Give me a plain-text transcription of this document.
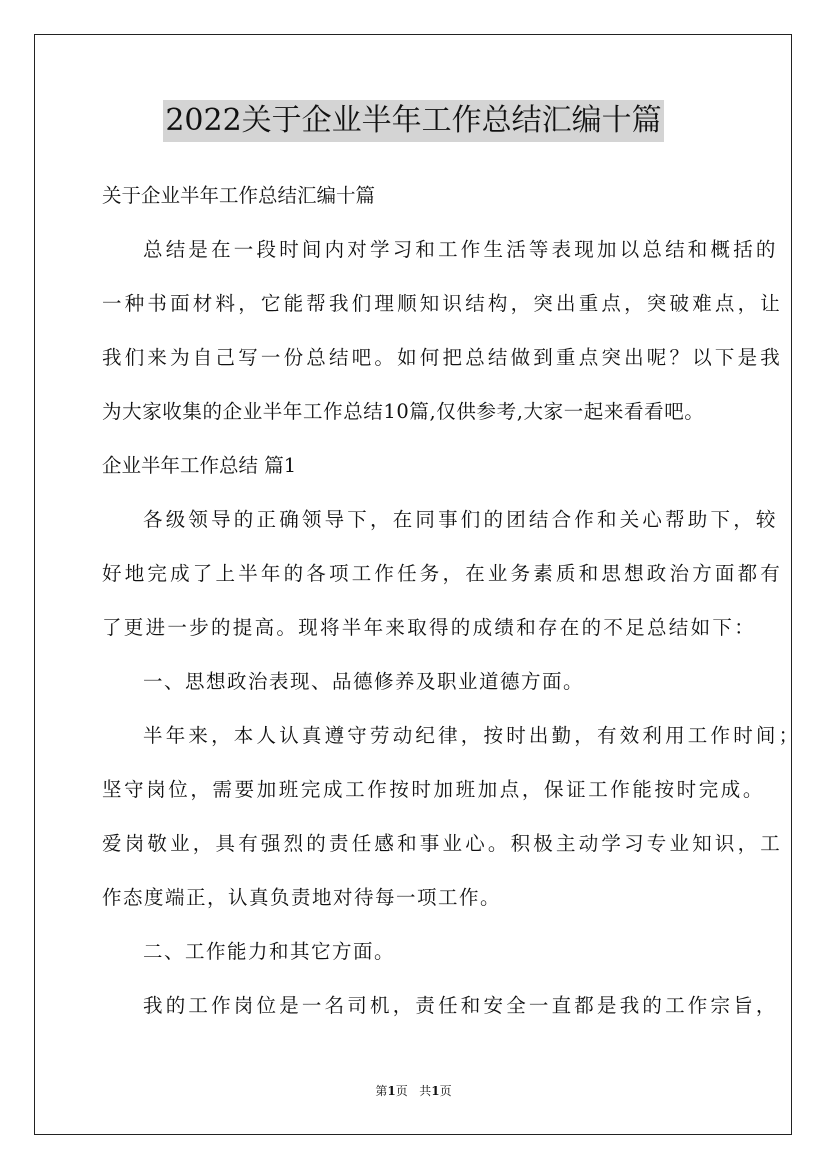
2022关于企业半年工作总结汇编十篇
关于企业半年工作总结汇编十篇
总结是在一段时间内对学习和工作生活等表现加以总结和概括的
一种书面材料，它能帮我们理顺知识结构，突出重点，突破难点，让
我们来为自己写一份总结吧。如何把总结做到重点突出呢？以下是我
为大家收集的企业半年工作总结10篇,仅供参考,大家一起来看看吧。
企业半年工作总结 篇1
各级领导的正确领导下，在同事们的团结合作和关心帮助下，较
好地完成了上半年的各项工作任务，在业务素质和思想政治方面都有
了更进一步的提高。现将半年来取得的成绩和存在的不足总结如下：
一、思想政治表现、品德修养及职业道德方面。
半年来，本人认真遵守劳动纪律，按时出勤，有效利用工作时间；
坚守岗位，需要加班完成工作按时加班加点，保证工作能按时完成。
爱岗敬业，具有强烈的责任感和事业心。积极主动学习专业知识，工
作态度端正，认真负责地对待每一项工作。
二、工作能力和其它方面。
我的工作岗位是一名司机，责任和安全一直都是我的工作宗旨，
第1页   共1页
